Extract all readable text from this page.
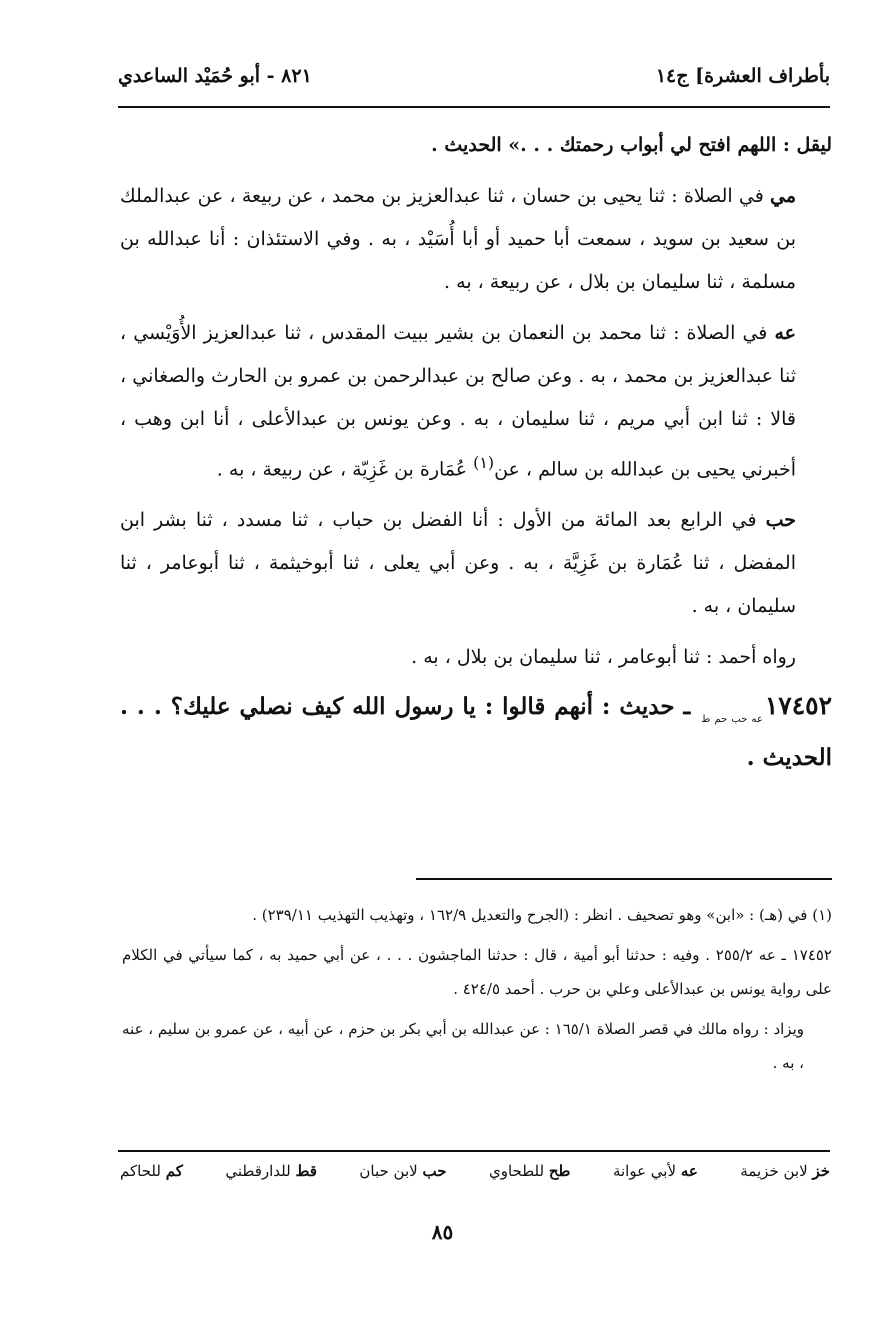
بأطراف العشرة] ج١٤
٨٢١ - أبو حُمَيْد الساعدي

ليقل : اللهم افتح لي أبواب رحمتك . . .» الحديث .

مي في الصلاة : ثنا يحيى بن حسان ، ثنا عبدالعزيز بن محمد ، عن ربيعة ، عن عبدالملك بن سعيد بن سويد ، سمعت أبا حميد أو أبا أُسَيْد ، به . وفي الاستئذان : أنا عبدالله بن مسلمة ، ثنا سليمان بن بلال ، عن ربيعة ، به .

عه في الصلاة : ثنا محمد بن النعمان بن بشير ببيت المقدس ، ثنا عبدالعزيز الأُوَيْسي ، ثنا عبدالعزيز بن محمد ، به . وعن صالح بن عبدالرحمن بن عمرو بن الحارث والصغاني ، قالا : ثنا ابن أبي مريم ، ثنا سليمان ، به . وعن يونس بن عبدالأعلى ، أنا ابن وهب ، أخبرني يحيى بن عبدالله بن سالم ، عن$^{(١)}$ عُمَارة بن غَزِيّة ، عن ربيعة ، به .

حب في الرابع بعد المائة من الأول : أنا الفضل بن حباب ، ثنا مسدد ، ثنا بشر ابن المفضل ، ثنا عُمَارة بن غَزِيَّة ، به . وعن أبي يعلى ، ثنا أبوخيثمة ، ثنا أبوعامر ، ثنا سليمان ، به .

رواه أحمد : ثنا أبوعامر ، ثنا سليمان بن بلال ، به .

$١٧٤٥٢_{عه حب حم ط}$ ـ حديث : أنهم قالوا : يا رسول الله كيف نصلي عليك؟ . . . الحديث .

(١) في (هـ) : «ابن» وهو تصحيف . انظر : (الجرح والتعديل ١٦٢/٩ ، وتهذيب التهذيب ٢٣٩/١١) .

١٧٤٥٢ ـ عه ٢٥٥/٢ . وفيه : حدثنا أبو أمية ، قال : حدثنا الماجشون . . . ، عن أبي حميد به ، كما سيأتي في الكلام على رواية يونس بن عبدالأعلى وعلي بن حرب . أحمد ٤٢٤/٥ .

ويزاد : رواه مالك في قصر الصلاة ١٦٥/١ : عن عبدالله بن أبي بكر بن حزم ، عن أبيه ، عن عمرو بن سليم ، عنه ، به .

خز لابن خزيمة
عه لأبي عوانة
طح للطحاوي
حب لابن حبان
قط للدارقطني
كم للحاكم
٨٥
